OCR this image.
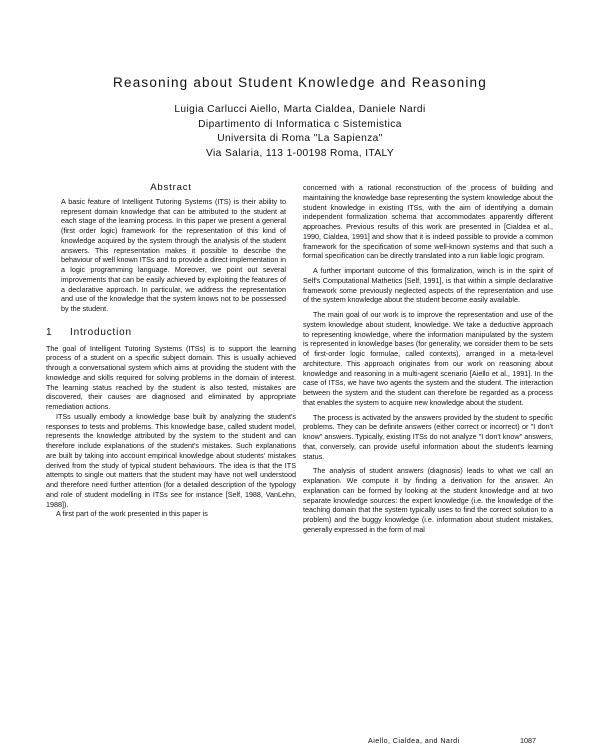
Reasoning about Student Knowledge and Reasoning
Luigia Carlucci Aiello, Marta Cialdea, Daniele Nardi
Dipartimento di Informatica c Sistemistica
Universita di Roma "La Sapienza"
Via Salaria, 113 1-00198 Roma, ITALY
Abstract

A basic feature of Intelligent Tutoring Systems (ITS) is their ability to represent domain knowledge that can be attributed to the student at each stage of the learning process. In this paper we present a general (first order logic) framework for the representation of this kind of knowledge acquired by the system through the analysis of the student answers. This representation makes it possible to describe the behaviour of well known ITSs and to provide a direct implementation in a logic programming language. Moreover, we point out several improvements that can be easily achieved by exploiting the features of a declarative approach. In particular, we address the representation and use of the knowledge that the system knows not to be possessed by the student.

1 Introduction

The goal of Intelligent Tutoring Systems (ITSs) is to support the learning process of a student on a specific subject domain. This is usually achieved through a conversational system which aims at providing the student with the knowledge and skills required for solving problems in the domain of interest. The learning status reached by the student is also tested, mistakes are discovered, their causes are diagnosed and eliminated by appropriate remediation actions.

ITSs usually embody a knowledge base built by analyzing the student's responses to tests and problems. This knowledge base, called student model, represents the knowledge attributed by the system to the student and can therefore include explanations of the student's mistakes. Such explanations are built by taking into account empirical knowledge about students' mistakes derived from the study of typical student behaviours. The idea is that the ITS attempts to single out matters that the student may have not well understood and therefore need further attention (for a detailed description of the typology and role of student modelling in ITSs see for instance [Self, 1988, VanLehn, 1988]).

A first part of the work presented in this paper is

concerned with a rational reconstruction of the process of building and maintaining the knowledge base representing the system knowledge about the student knowledge in existing ITSs, with the aim of identifying a domain independent formalization schema that accommodates apparently different approaches. Previous results of this work are presented in [Cialdea et al., 1990, Cialdea, 1991] and show that it is indeed possible to provide a common framework for the specification of some well-known systems and that such a formal specification can be directly translated into a run liable logic program.

A further important outcome of this formalization, winch is in the spirit of Self's Computational Mathetics [Self, 1991], is that within a simple declarative framework some previously neglected aspects of the representation and use of the system knowledge about the student become easily available.

The main goal of our work is to improve the representation and use of the system knowledge about student, knowledge. We take a deductive approach to representing knowledge, where the information manipulated by the system is represented in knowledge bases (for generality, we consider them to be sets of first-order logic formulae, called contexts), arranged in a meta-level architecture. This approach originates from our work on reasoning about knowledge and reasoning in a multi-agent scenario [Aiello et al., 1991]. In the case of ITSs, we have two agents the system and the student. The interaction between the system and the student can therefore be regarded as a process that enables the system to acquire new knowledge about the student.

The process is activated by the answers provided by the student to specific problems. They can be definite answers (either correct or incorrect) or "I don't know" answers. Typically, existing ITSs do not analyze "I don't know" answers, that, conversely, can provide useful information about the student's learning status.

The analysis of student answers (diagnosis) leads to what we call an explanation. We compute it by finding a derivation for the answer. An explanation can be formed by looking at the student knowledge and at two separate knowledge sources: the expert knowledge (i.e. the knowledge of the teaching domain that the system typically uses to find the correct solution to a problem) and the buggy knowledge (i.e. information about student mistakes, generally expressed in the form of mal

Aiello, Cialdea, and Nardi	1087
